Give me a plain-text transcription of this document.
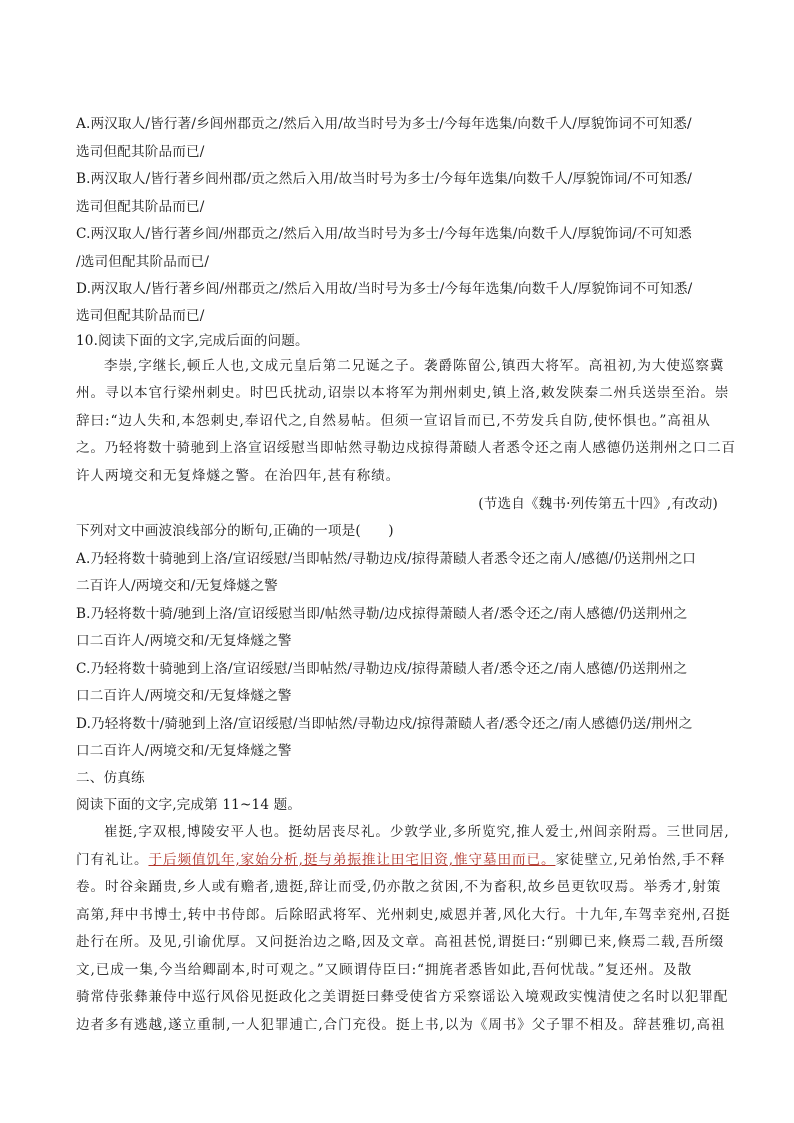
A.两汉取人/皆行著/乡闾州郡贡之/然后入用/故当时号为多士/今每年选集/向数千人/厚貌饰词不可知悉/
选司但配其阶品而已/
B.两汉取人/皆行著乡闾州郡/贡之然后入用/故当时号为多士/今每年选集/向数千人/厚貌饰词/不可知悉/
选司但配其阶品而已/
C.两汉取人/皆行著乡闾/州郡贡之/然后入用/故当时号为多士/今每年选集/向数千人/厚貌饰词/不可知悉
/选司但配其阶品而已/
D.两汉取人/皆行著乡闾/州郡贡之/然后入用故/当时号为多士/今每年选集/向数千人/厚貌饰词不可知悉/
选司但配其阶品而已/
10.阅读下面的文字,完成后面的问题。
李崇,字继长,顿丘人也,文成元皇后第二兄诞之子。袭爵陈留公,镇西大将军。高祖初,为大使巡察冀
州。寻以本官行梁州刺史。时巴氏扰动,诏崇以本将军为荆州刺史,镇上洛,敕发陕秦二州兵送崇至治。崇
辞曰:“边人失和,本怨刺史,奉诏代之,自然易帖。但须一宣诏旨而已,不劳发兵自防,使怀惧也。”高祖从
之。乃轻将数十骑驰到上洛宣诏绥慰当即帖然寻勒边戍掠得萧赜人者悉令还之南人感德仍送荆州之口二百
许人两境交和无复烽燧之警。在治四年,甚有称绩。
(节选自《魏书·列传第五十四》,有改动)
下列对文中画波浪线部分的断句,正确的一项是(　　)
A.乃轻将数十骑驰到上洛/宣诏绥慰/当即帖然/寻勒边戍/掠得萧赜人者悉令还之南人/感德/仍送荆州之口
二百许人/两境交和/无复烽燧之警
B.乃轻将数十骑/驰到上洛/宣诏绥慰当即/帖然寻勒/边戍掠得萧赜人者/悉令还之/南人感德/仍送荆州之
口二百许人/两境交和/无复烽燧之警
C.乃轻将数十骑驰到上洛/宣诏绥慰/当即帖然/寻勒边戍/掠得萧赜人者/悉令还之/南人感德/仍送荆州之
口二百许人/两境交和/无复烽燧之警
D.乃轻将数十/骑驰到上洛/宣诏绥慰/当即帖然/寻勒边戍/掠得萧赜人者/悉令还之/南人感德仍送/荆州之
口二百许人/两境交和/无复烽燧之警
二、仿真练
阅读下面的文字,完成第 11~14 题。
崔挺,字双根,博陵安平人也。挺幼居丧尽礼。少敦学业,多所览究,推人爱士,州闾亲附焉。三世同居,
门有礼让。于后频值饥年,家始分析,挺与弟振推让田宅旧资,惟守墓田而已。家徒壁立,兄弟怡然,手不释
卷。时谷籴踊贵,乡人或有赡者,遗挺,辞让而受,仍亦散之贫困,不为畜积,故乡邑更钦叹焉。举秀才,射策
高第,拜中书博士,转中书侍郎。后除昭武将军、光州刺史,威恩并著,风化大行。十九年,车驾幸兖州,召挺
赴行在所。及见,引谕优厚。又问挺治边之略,因及文章。高祖甚悦,谓挺曰:“别卿已来,倏焉二载,吾所缀
文,已成一集,今当给卿副本,时可观之。”又顾谓侍臣曰:“拥旄者悉皆如此,吾何忧哉。”复还州。及散
骑常侍张彝兼侍中巡行风俗见挺政化之美谓挺曰彝受使省方采察谣讼入境观政实愧清使之名时以犯罪配
边者多有逃越,遂立重制,一人犯罪逋亡,合门充役。挺上书,以为《周书》父子罪不相及。辞甚雅切,高祖
